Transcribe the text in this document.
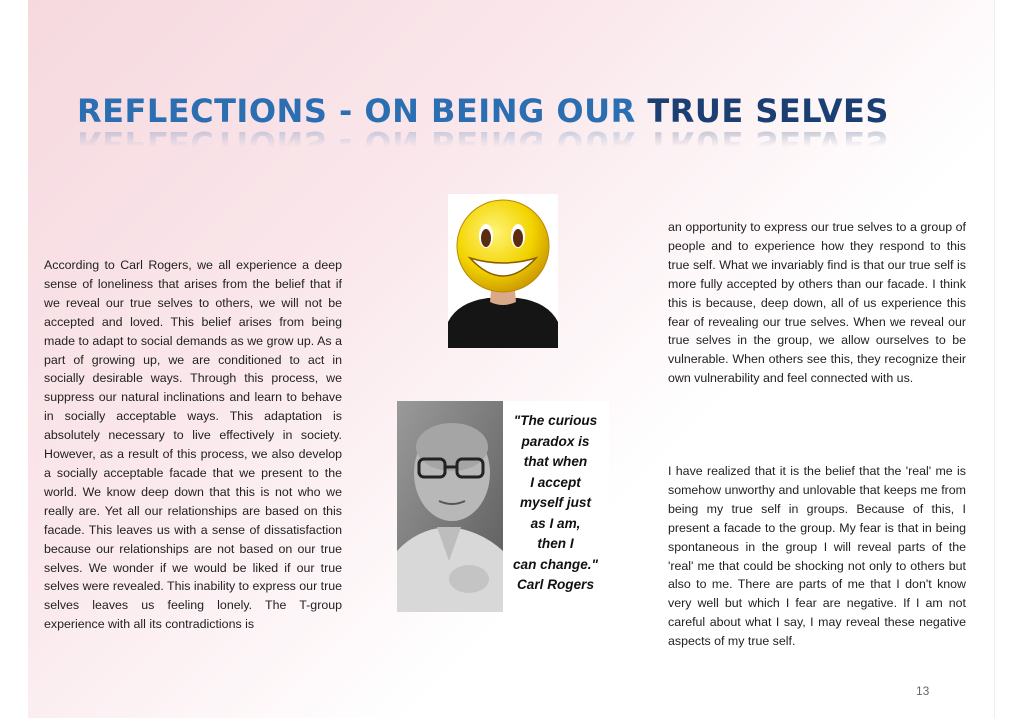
REFLECTIONS - ON BEING OUR TRUE SELVES

According to Carl Rogers, we all experience a deep sense of loneliness that arises from the belief that if we reveal our true selves to others, we will not be accepted and loved. This belief arises from being made to adapt to social demands as we grow up. As a part of growing up, we are conditioned to act in socially desirable ways. Through this process, we suppress our natural inclinations and learn to behave in socially acceptable ways. This adaptation is absolutely necessary to live effectively in society. However, as a result of this process, we also develop a socially acceptable facade that we present to the world. We know deep down that this is not who we really are. Yet all our relationships are based on this facade. This leaves us with a sense of dissatisfaction because our relationships are not based on our true selves. We wonder if we would be liked if our true selves were revealed. This inability to express our true selves leaves us feeling lonely. The T-group experience with all its contradictions is

"The curious
paradox is
that when
I accept
myself just
as I am,
then I
can change."
Carl Rogers

an opportunity to express our true selves to a group of people and to experience how they respond to this true self. What we invariably find is that our true self is more fully accepted by others than our facade. I think this is because, deep down, all of us experience this fear of revealing our true selves. When we reveal our true selves in the group, we allow ourselves to be vulnerable. When others see this, they recognize their own vulnerability and feel connected with us.

I have realized that it is the belief that the 'real' me is somehow unworthy and unlovable that keeps me from being my true self in groups. Because of this, I present a facade to the group. My fear is that in being spontaneous in the group I will reveal parts of the 'real' me that could be shocking not only to others but also to me. There are parts of me that I don't know very well but which I fear are negative. If I am not careful about what I say, I may reveal these negative aspects of my true self.

13
